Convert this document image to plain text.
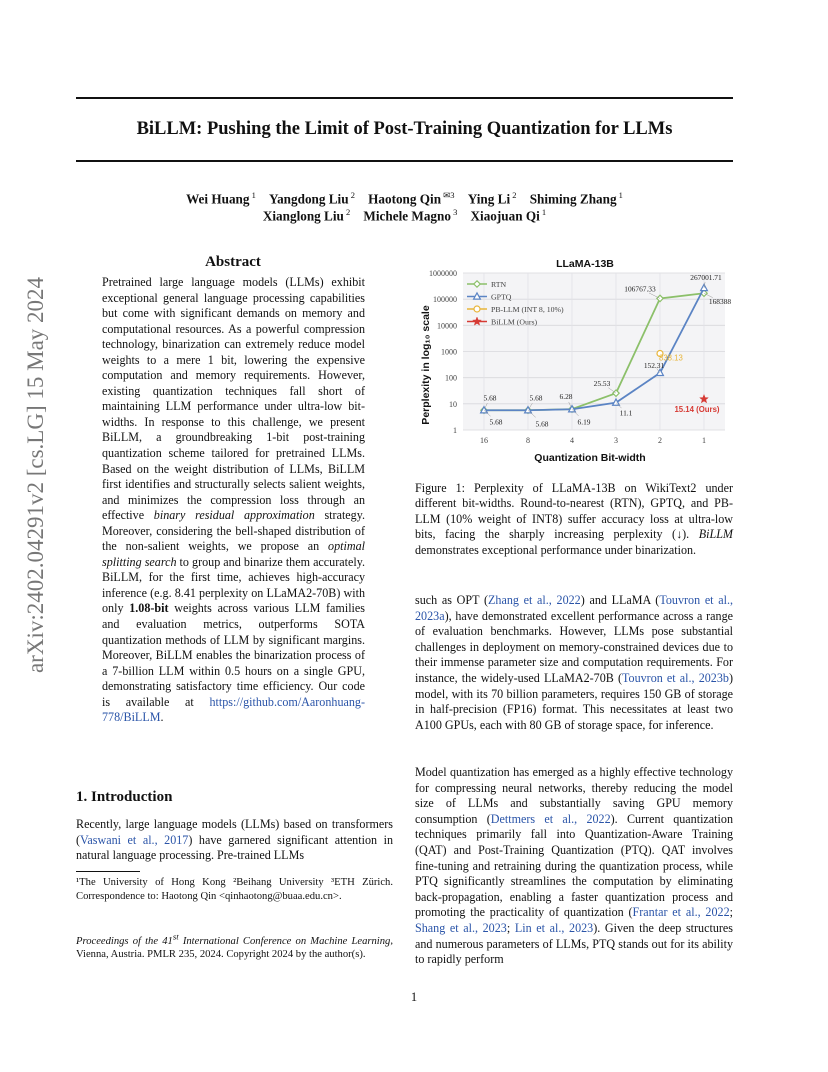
BiLLM: Pushing the Limit of Post-Training Quantization for LLMs
Wei Huang $^1$  Yangdong Liu $^2$  Haotong Qin $^{✉3}$  Ying Li $^2$  Shiming Zhang $^1$
Xianglong Liu $^2$  Michele Magno $^3$  Xiaojuan Qi $^1$
arXiv:2402.04291v2 [cs.LG] 15 May 2024
Abstract
Pretrained large language models (LLMs) exhibit exceptional general language processing capabilities but come with significant demands on memory and computational resources. As a powerful compression technology, binarization can extremely reduce model weights to a mere 1 bit, lowering the expensive computation and memory requirements. However, existing quantization techniques fall short of maintaining LLM performance under ultra-low bit-widths. In response to this challenge, we present BiLLM, a groundbreaking 1-bit post-training quantization scheme tailored for pretrained LLMs. Based on the weight distribution of LLMs, BiLLM first identifies and structurally selects salient weights, and minimizes the compression loss through an effective binary residual approximation strategy. Moreover, considering the bell-shaped distribution of the non-salient weights, we propose an optimal splitting search to group and binarize them accurately. BiLLM, for the first time, achieves high-accuracy inference (e.g. 8.41 perplexity on LLaMA2-70B) with only 1.08-bit weights across various LLM families and evaluation metrics, outperforms SOTA quantization methods of LLM by significant margins. Moreover, BiLLM enables the binarization process of a 7-billion LLM within 0.5 hours on a single GPU, demonstrating satisfactory time efficiency. Our code is available at https://github.com/Aaronhuang-778/BiLLM.
1. Introduction
Recently, large language models (LLMs) based on transformers (Vaswani et al., 2017) have garnered significant attention in natural language processing. Pre-trained LLMs
¹The University of Hong Kong ²Beihang University ³ETH Zürich. Correspondence to: Haotong Qin <qinhaotong@buaa.edu.cn>.
Proceedings of the 41st International Conference on Machine Learning, Vienna, Austria. PMLR 235, 2024. Copyright 2024 by the author(s).
LLaMA-13B
Perplexity in log₁₀ scale
Quantization Bit-width
1
10
100
1000
10000
100000
1000000
16	8	4	3	2	1
5.68	5.68 6.28
25.53
106767.33
168388
5.68	5.68	6.19
11.1
152.31
267001.71
838.13
15.14 (Ours)
RTN
GPTQ
PB-LLM (INT 8, 10%)
BiLLM (Ours)
Figure 1: Perplexity of LLaMA-13B on WikiText2 under different bit-widths. Round-to-nearest (RTN), GPTQ, and PB-LLM (10% weight of INT8) suffer accuracy loss at ultra-low bits, facing the sharply increasing perplexity (↓). BiLLM demonstrates exceptional performance under binarization.
such as OPT (Zhang et al., 2022) and LLaMA (Touvron et al., 2023a), have demonstrated excellent performance across a range of evaluation benchmarks. However, LLMs pose substantial challenges in deployment on memory-constrained devices due to their immense parameter size and computation requirements. For instance, the widely-used LLaMA2-70B (Touvron et al., 2023b) model, with its 70 billion parameters, requires 150 GB of storage in half-precision (FP16) format. This necessitates at least two A100 GPUs, each with 80 GB of storage space, for inference.
Model quantization has emerged as a highly effective technology for compressing neural networks, thereby reducing the model size of LLMs and substantially saving GPU memory consumption (Dettmers et al., 2022). Current quantization techniques primarily fall into Quantization-Aware Training (QAT) and Post-Training Quantization (PTQ). QAT involves fine-tuning and retraining during the quantization process, while PTQ significantly streamlines the computation by eliminating back-propagation, enabling a faster quantization process and promoting the practicality of quantization (Frantar et al., 2022; Shang et al., 2023; Lin et al., 2023). Given the deep structures and numerous parameters of LLMs, PTQ stands out for its ability to rapidly perform
1
